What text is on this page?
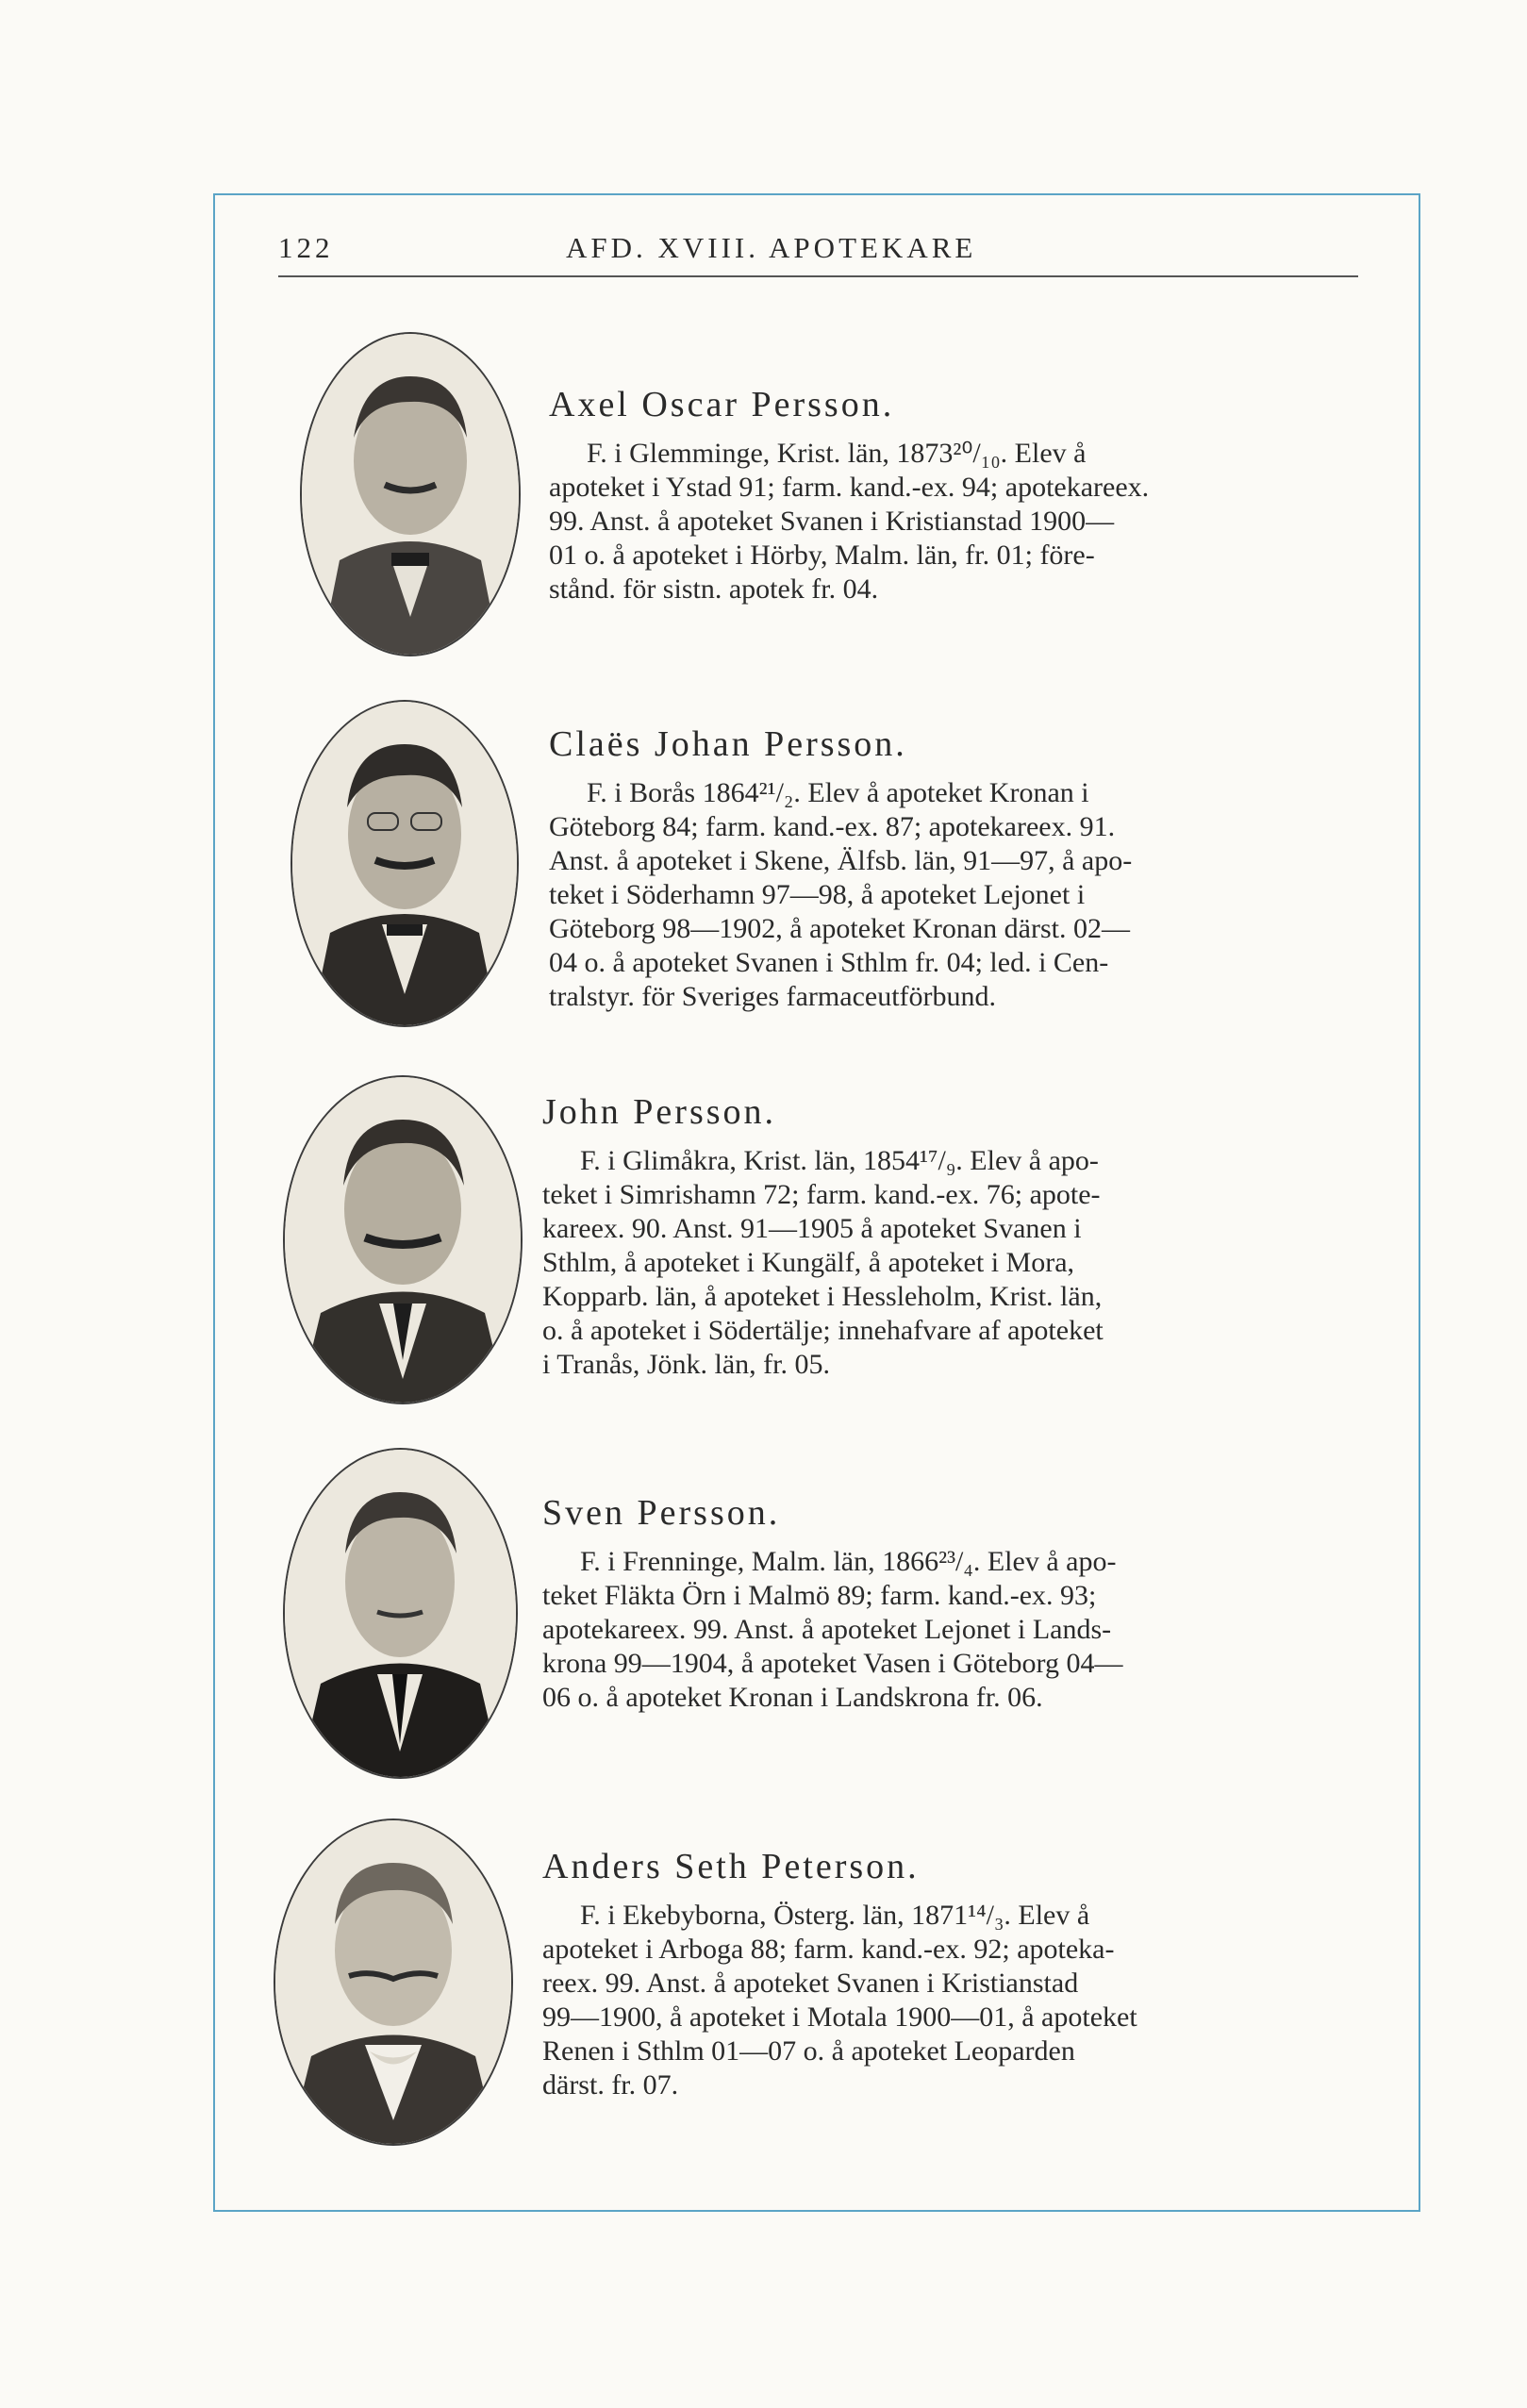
122	AFD. XVIII. APOTEKARE
Axel Oscar Persson.

F. i Glemminge, Krist. län, 1873²⁰/₁₀. Elev å

apoteket i Ystad 91; farm. kand.-ex. 94; apotekareex.

99. Anst. å apoteket Svanen i Kristianstad 1900—

01 o. å apoteket i Hörby, Malm. län, fr. 01; före-

stånd. för sistn. apotek fr. 04.

Claës Johan Persson.

F. i Borås 1864²¹/₂. Elev å apoteket Kronan i

Göteborg 84; farm. kand.-ex. 87; apotekareex. 91.

Anst. å apoteket i Skene, Älfsb. län, 91—97, å apo-

teket i Söderhamn 97—98, å apoteket Lejonet i

Göteborg 98—1902, å apoteket Kronan därst. 02—

04 o. å apoteket Svanen i Sthlm fr. 04; led. i Cen-

tralstyr. för Sveriges farmaceutförbund.

John Persson.

F. i Glimåkra, Krist. län, 1854¹⁷/₉. Elev å apo-

teket i Simrishamn 72; farm. kand.-ex. 76; apote-

kareex. 90. Anst. 91—1905 å apoteket Svanen i

Sthlm, å apoteket i Kungälf, å apoteket i Mora,

Kopparb. län, å apoteket i Hessleholm, Krist. län,

o. å apoteket i Södertälje; innehafvare af apoteket

i Tranås, Jönk. län, fr. 05.

Sven Persson.

F. i Frenninge, Malm. län, 1866²³/₄. Elev å apo-

teket Fläkta Örn i Malmö 89; farm. kand.-ex. 93;

apotekareex. 99. Anst. å apoteket Lejonet i Lands-

krona 99—1904, å apoteket Vasen i Göteborg 04—

06 o. å apoteket Kronan i Landskrona fr. 06.

Anders Seth Peterson.

F. i Ekebyborna, Österg. län, 1871¹⁴/₃. Elev å

apoteket i Arboga 88; farm. kand.-ex. 92; apoteka-

reex. 99. Anst. å apoteket Svanen i Kristianstad

99—1900, å apoteket i Motala 1900—01, å apoteket

Renen i Sthlm 01—07 o. å apoteket Leoparden

därst. fr. 07.
